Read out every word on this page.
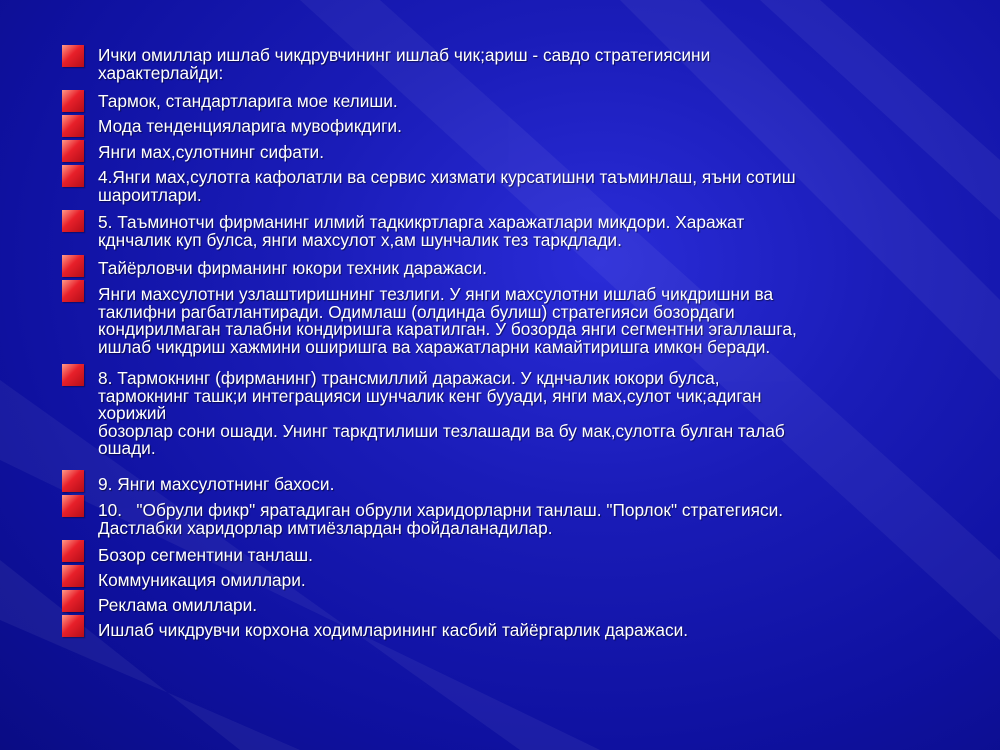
Ички омиллар ишлаб чикдрувчининг ишлаб чик;ариш - савдо стратегиясини
характерлайди:
Тармок, стандартларига мое келиши.
Мода тенденцияларига мувофикдиги.
Янги мах,сулотнинг сифати.
4.Янги мах,сулотга кафолатли ва сервис хизмати курсатишни таъминлаш, яъни сотиш
шароитлари.
5.	Таъминотчи фирманинг илмий тадкикртларга харажатлари микдори. Харажат
кднчалик куп булса, янги махсулот х,ам шунчалик тез таркдлади.
Тайёрловчи фирманинг юкори техник даражаси.
Янги махсулотни узлаштиришнинг тезлиги. У янги махсулотни ишлаб чикдришни ва
таклифни рагбатлантиради. Одимлаш (олдинда булиш) стратегияси бозордаги
кондирилмаган талабни кондиришга каратилган. У бозорда янги сегментни эгаллашга,
ишлаб чикдриш хажмини оширишга ва харажатларни камайтиришга имкон беради.
8.	Тармокнинг (фирманинг) трансмиллий даражаси. У кднчалик юкори булса,
тармокнинг ташк;и интеграцияси шунчалик кенг бууади, янги мах,сулот чик;адиган
хорижий
бозорлар сони ошади. Унинг таркдтилиши тезлашади ва бу мак,сулотга булган талаб
ошади.
9.	Янги махсулотнинг бахоси.
10.	"Обрули фикр" яратадиган обрули харидорларни танлаш. "Порлок" стратегияси.
Дастлабки харидорлар имтиёзлардан фойдаланадилар.
Бозор сегментини танлаш.
Коммуникация омиллари.
Реклама омиллари.
Ишлаб чикдрувчи корхона ходимларининг касбий тайёргарлик даражаси.
